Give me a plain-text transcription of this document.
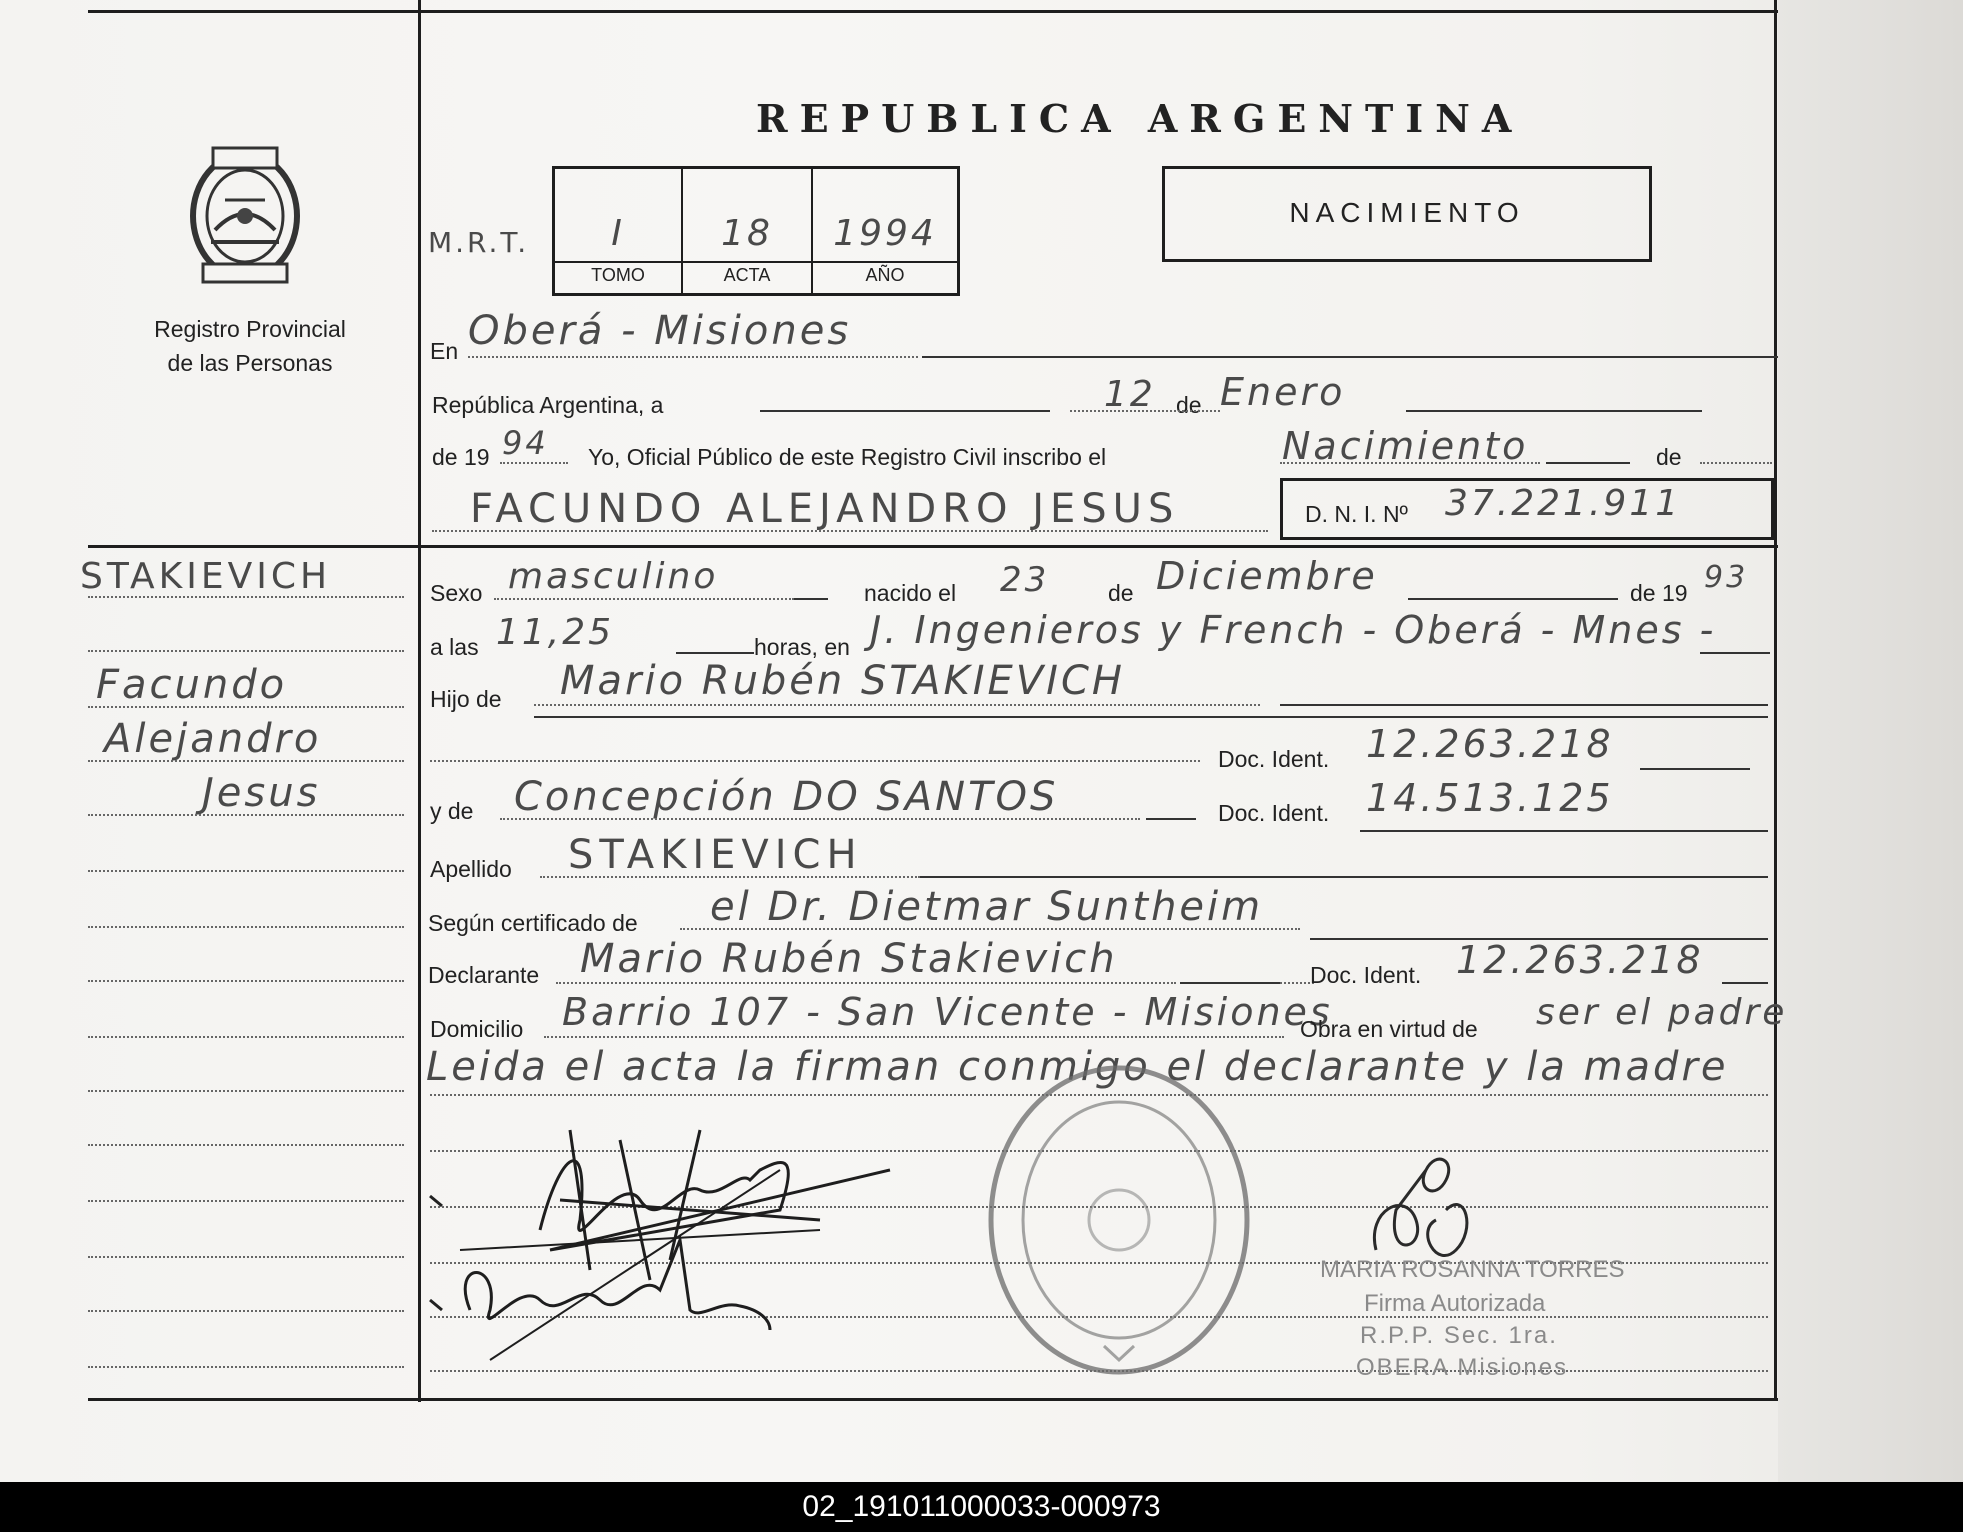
Registro Provincial
de las Personas
REPUBLICA ARGENTINA
NACIMIENTO
M.R.T.	I	18	1994
TOMO	ACTA	AÑO
En Oberá - Misiones
República Argentina, a	12 de Enero
de 19 94 Yo, Oficial Público de este Registro Civil inscribo el	Nacimiento	de
FACUNDO ALEJANDRO JESUS	D. N. I. Nº 37.221.911
STAKIEVICH
Facundo
Alejandro
Jesus
Sexo masculino	nacido el 23	de Diciembre	de 19 93
a las 11,25	horas, en J. Ingenieros y French - Oberá - Mnes -
Hijo de Mario Rubén STAKIEVICH
Doc. Ident. 12.263.218
y de Concepción DO SANTOS	Doc. Ident. 14.513.125
Apellido STAKIEVICH
Según certificado de el Dr. Dietmar Suntheim
Declarante Mario Rubén Stakievich	Doc. Ident. 12.263.218
Domicilio Barrio 107 - San Vicente - Misiones
Obra en virtud de ser el padre
Leida el acta la firman conmigo el declarante y la madre
MARIA ROSANNA TORRES
Firma Autorizada
R.P.P. Sec. 1ra.
OBERA Misiones
02_191011000033-000973
